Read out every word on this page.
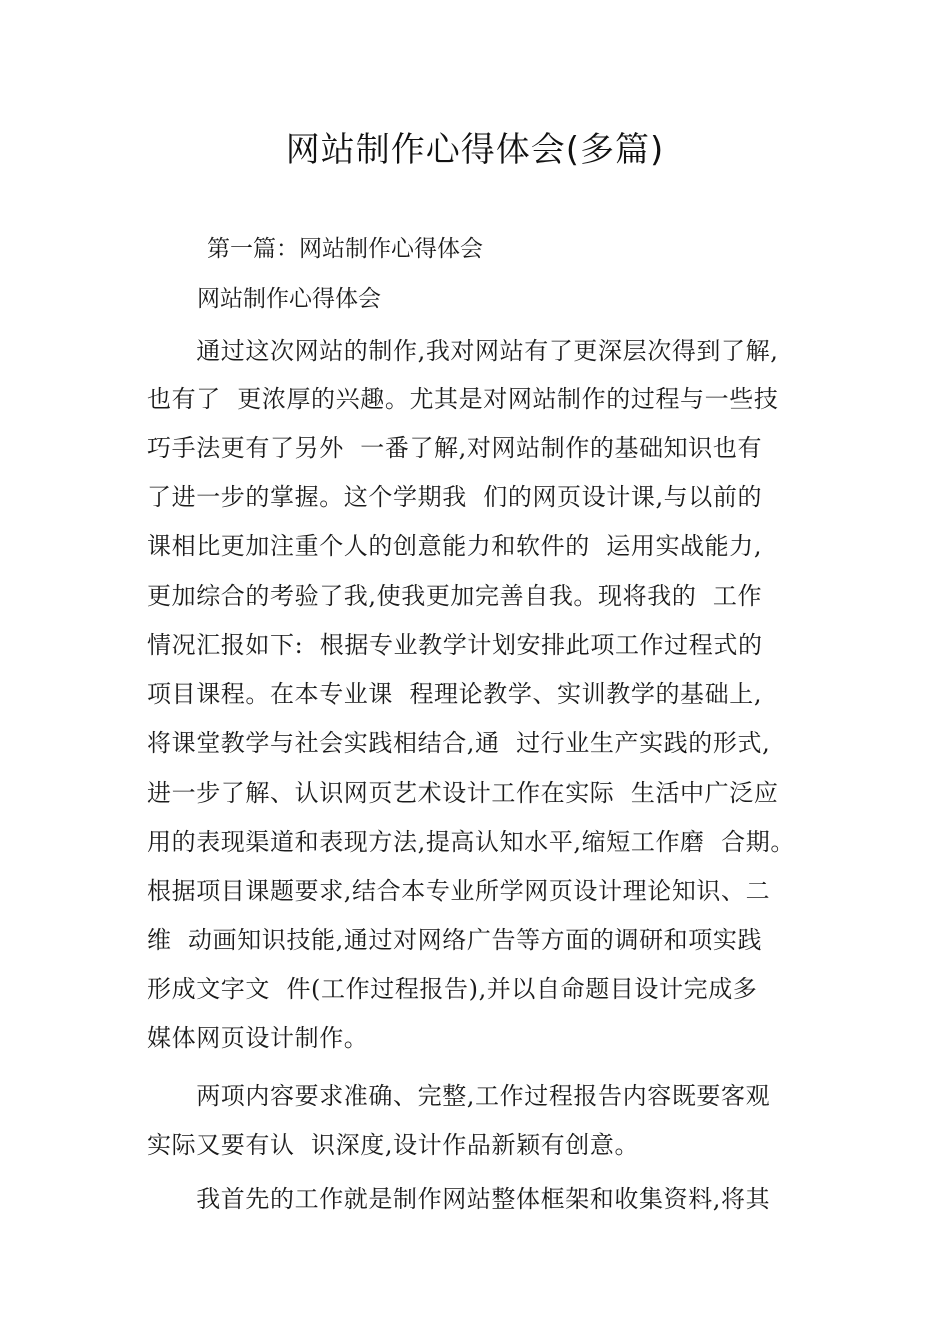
网站制作心得体会(多篇)
第一篇：网站制作心得体会
网站制作心得体会
　　通过这次网站的制作,我对网站有了更深层次得到了解,
也有了  更浓厚的兴趣。尤其是对网站制作的过程与一些技
巧手法更有了另外  一番了解,对网站制作的基础知识也有
了进一步的掌握。这个学期我  们的网页设计课,与以前的
课相比更加注重个人的创意能力和软件的  运用实战能力,
更加综合的考验了我,使我更加完善自我。现将我的  工作
情况汇报如下:  根据专业教学计划安排此项工作过程式的
项目课程。在本专业课  程理论教学、实训教学的基础上,
将课堂教学与社会实践相结合,通  过行业生产实践的形式,
进一步了解、认识网页艺术设计工作在实际  生活中广泛应
用的表现渠道和表现方法,提高认知水平,缩短工作磨  合期。
根据项目课题要求,结合本专业所学网页设计理论知识、二
维  动画知识技能,通过对网络广告等方面的调研和项实践
形成文字文  件(工作过程报告),并以自命题目设计完成多
媒体网页设计制作。
　　两项内容要求准确、完整,工作过程报告内容既要客观
实际又要有认  识深度,设计作品新颖有创意。
　　我首先的工作就是制作网站整体框架和收集资料,将其
